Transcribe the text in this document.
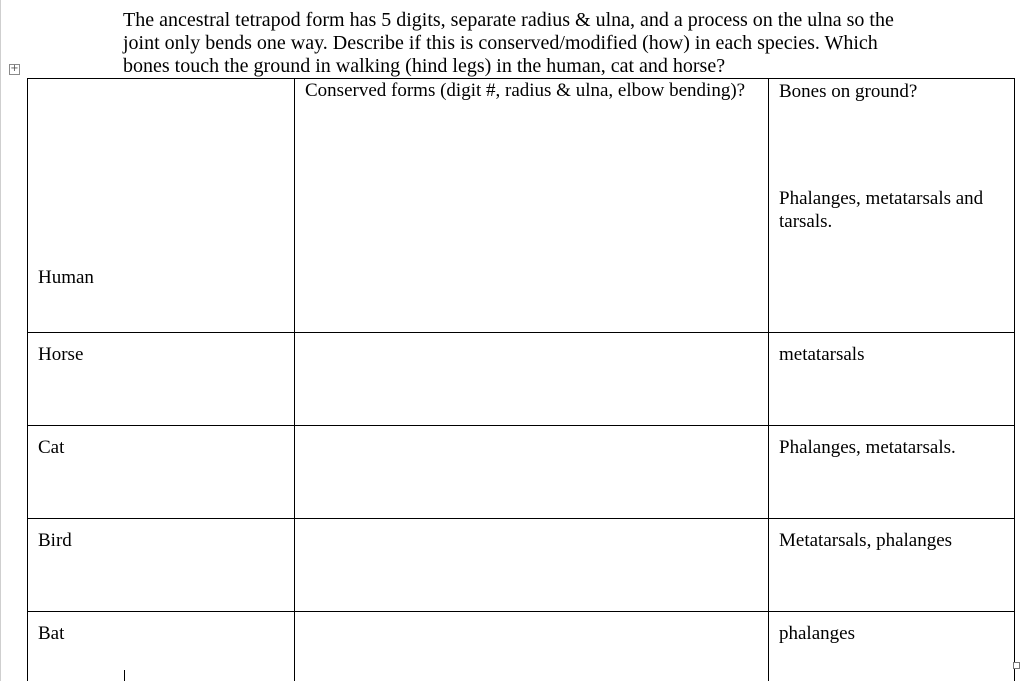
+

The ancestral tetrapod form has 5 digits, separate radius & ulna, and a process on the ulna so the joint only bends one way. Describe if this is conserved/modified (how) in each species. Which bones touch the ground in walking (hind legs) in the human, cat and horse?

Human	Conserved forms (digit #, radius & ulna, elbow bending)?	Bones on ground?
Phalanges, metatarsals and tarsals.

Horse		metatarsals

Cat		Phalanges, metatarsals.

Bird		Metatarsals, phalanges

Bat		phalanges
